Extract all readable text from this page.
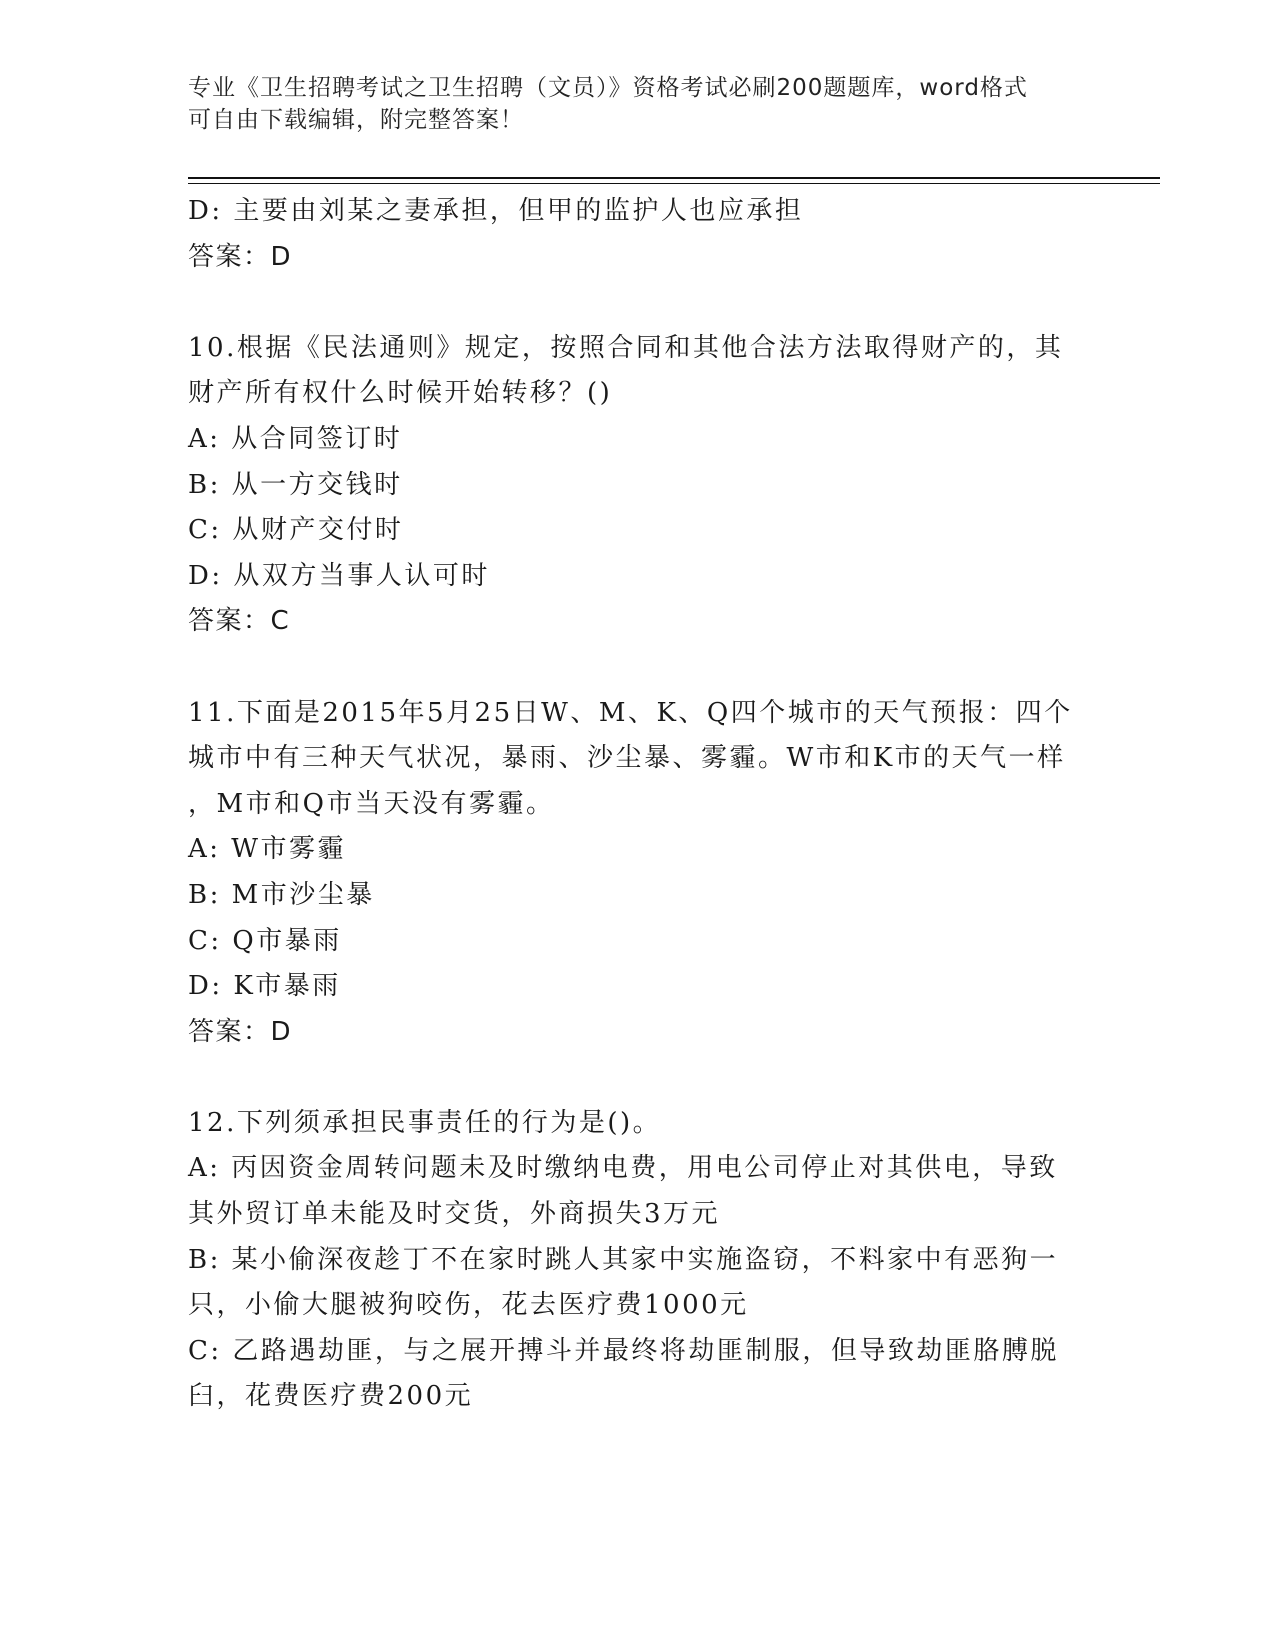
专业《卫生招聘考试之卫生招聘（文员）》资格考试必刷200题题库，word格式
可自由下载编辑，附完整答案！
D: 主要由刘某之妻承担，但甲的监护人也应承担
答案：D
10.根据《民法通则》规定，按照合同和其他合法方法取得财产的，其
财产所有权什么时候开始转移？()
A: 从合同签订时
B: 从一方交钱时
C: 从财产交付时
D: 从双方当事人认可时
答案：C
11.下面是2015年5月25日W、M、K、Q四个城市的天气预报：四个
城市中有三种天气状况，暴雨、沙尘暴、雾霾。W市和K市的天气一样
，M市和Q市当天没有雾霾。
A: W市雾霾
B: M市沙尘暴
C: Q市暴雨
D: K市暴雨
答案：D
12.下列须承担民事责任的行为是()。
A: 丙因资金周转问题未及时缴纳电费，用电公司停止对其供电，导致
其外贸订单未能及时交货，外商损失3万元
B: 某小偷深夜趁丁不在家时跳人其家中实施盗窃，不料家中有恶狗一
只，小偷大腿被狗咬伤，花去医疗费1000元
C: 乙路遇劫匪，与之展开搏斗并最终将劫匪制服，但导致劫匪胳膊脱
臼，花费医疗费200元
